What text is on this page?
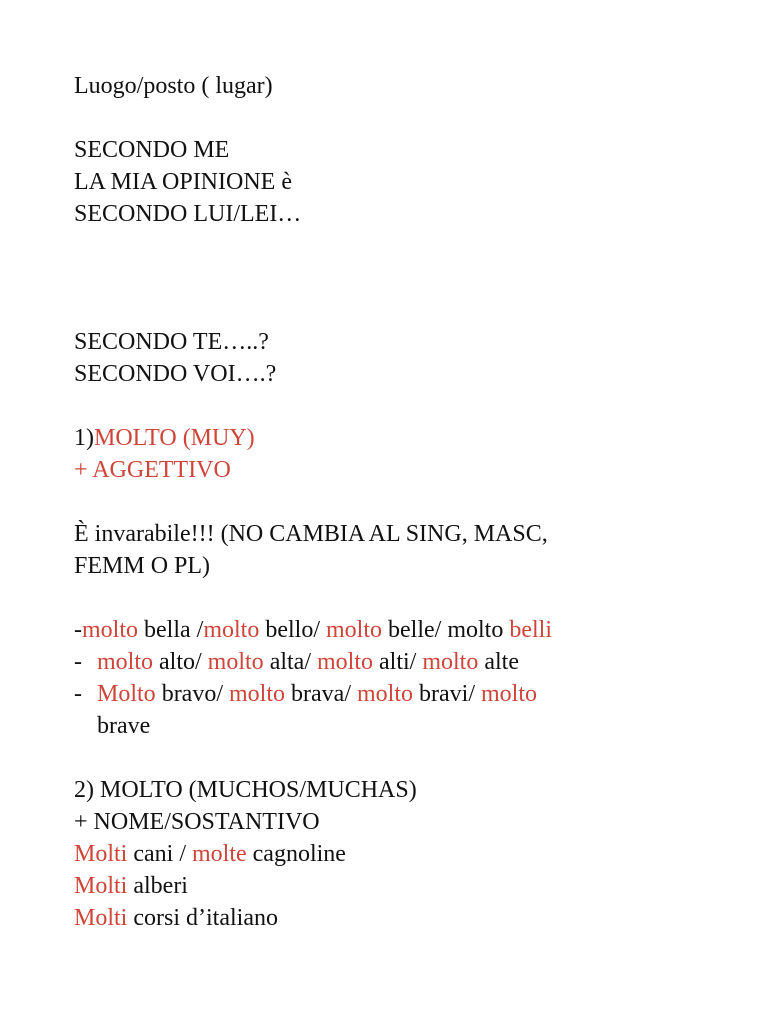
Luogo/posto ( lugar)
SECONDO ME
LA MIA OPINIONE è
SECONDO LUI/LEI…
SECONDO TE…..?
SECONDO VOI….?
1)MOLTO (MUY)
+ AGGETTIVO
È invarabile!!! (NO CAMBIA AL SING, MASC,
FEMM O PL)
-molto bella /molto bello/ molto belle/ molto belli
- molto alto/ molto alta/ molto alti/ molto alte
- Molto bravo/ molto brava/ molto bravi/ molto
brave
2) MOLTO (MUCHOS/MUCHAS)
+ NOME/SOSTANTIVO
Molti cani / molte cagnoline
Molti alberi
Molti corsi d’italiano
